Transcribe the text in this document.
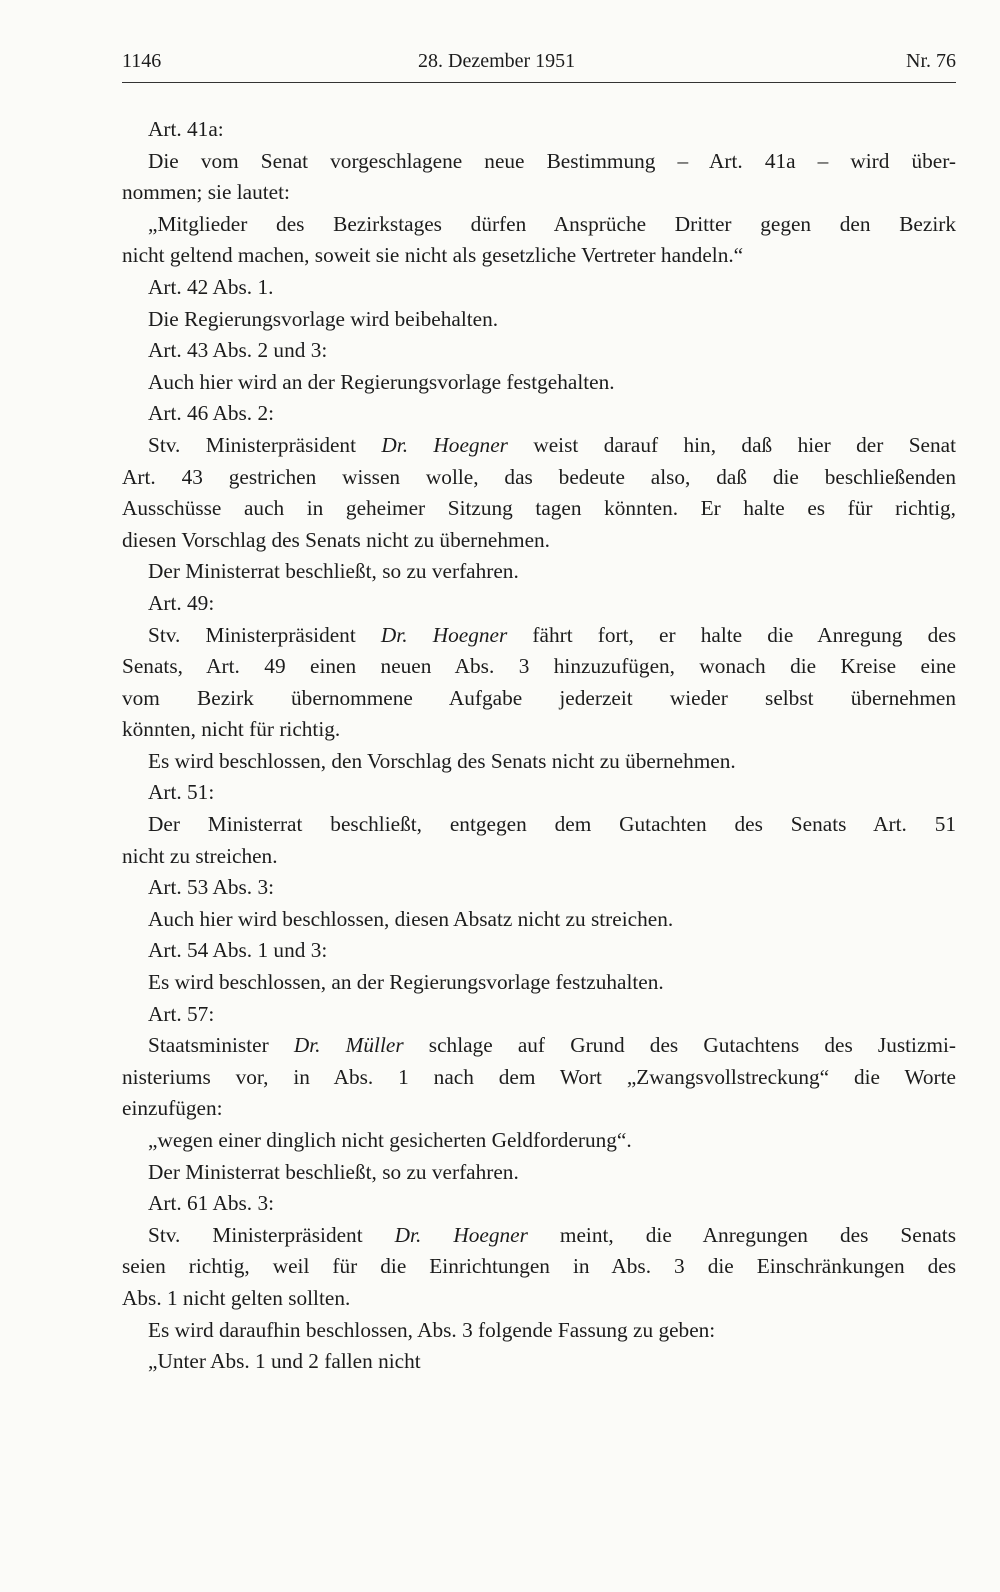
1146	28. Dezember 1951	Nr. 76
Art. 41a:
Die vom Senat vorgeschlagene neue Bestimmung – Art. 41a – wird über-
nommen; sie lautet:
„Mitglieder des Bezirkstages dürfen Ansprüche Dritter gegen den Bezirk
nicht geltend machen, soweit sie nicht als gesetzliche Vertreter handeln.“
Art. 42 Abs. 1.
Die Regierungsvorlage wird beibehalten.
Art. 43 Abs. 2 und 3:
Auch hier wird an der Regierungsvorlage festgehalten.
Art. 46 Abs. 2:
Stv. Ministerpräsident Dr. Hoegner weist darauf hin, daß hier der Senat
Art. 43 gestrichen wissen wolle, das bedeute also, daß die beschließenden
Ausschüsse auch in geheimer Sitzung tagen könnten. Er halte es für richtig,
diesen Vorschlag des Senats nicht zu übernehmen.
Der Ministerrat beschließt, so zu verfahren.
Art. 49:
Stv. Ministerpräsident Dr. Hoegner fährt fort, er halte die Anregung des
Senats, Art. 49 einen neuen Abs. 3 hinzuzufügen, wonach die Kreise eine
vom Bezirk übernommene Aufgabe jederzeit wieder selbst übernehmen
könnten, nicht für richtig.
Es wird beschlossen, den Vorschlag des Senats nicht zu übernehmen.
Art. 51:
Der Ministerrat beschließt, entgegen dem Gutachten des Senats Art. 51
nicht zu streichen.
Art. 53 Abs. 3:
Auch hier wird beschlossen, diesen Absatz nicht zu streichen.
Art. 54 Abs. 1 und 3:
Es wird beschlossen, an der Regierungsvorlage festzuhalten.
Art. 57:
Staatsminister Dr. Müller schlage auf Grund des Gutachtens des Justizmi-
nisteriums vor, in Abs. 1 nach dem Wort „Zwangsvollstreckung“ die Worte
einzufügen:
„wegen einer dinglich nicht gesicherten Geldforderung“.
Der Ministerrat beschließt, so zu verfahren.
Art. 61 Abs. 3:
Stv. Ministerpräsident Dr. Hoegner meint, die Anregungen des Senats
seien richtig, weil für die Einrichtungen in Abs. 3 die Einschränkungen des
Abs. 1 nicht gelten sollten.
Es wird daraufhin beschlossen, Abs. 3 folgende Fassung zu geben:
„Unter Abs. 1 und 2 fallen nicht
